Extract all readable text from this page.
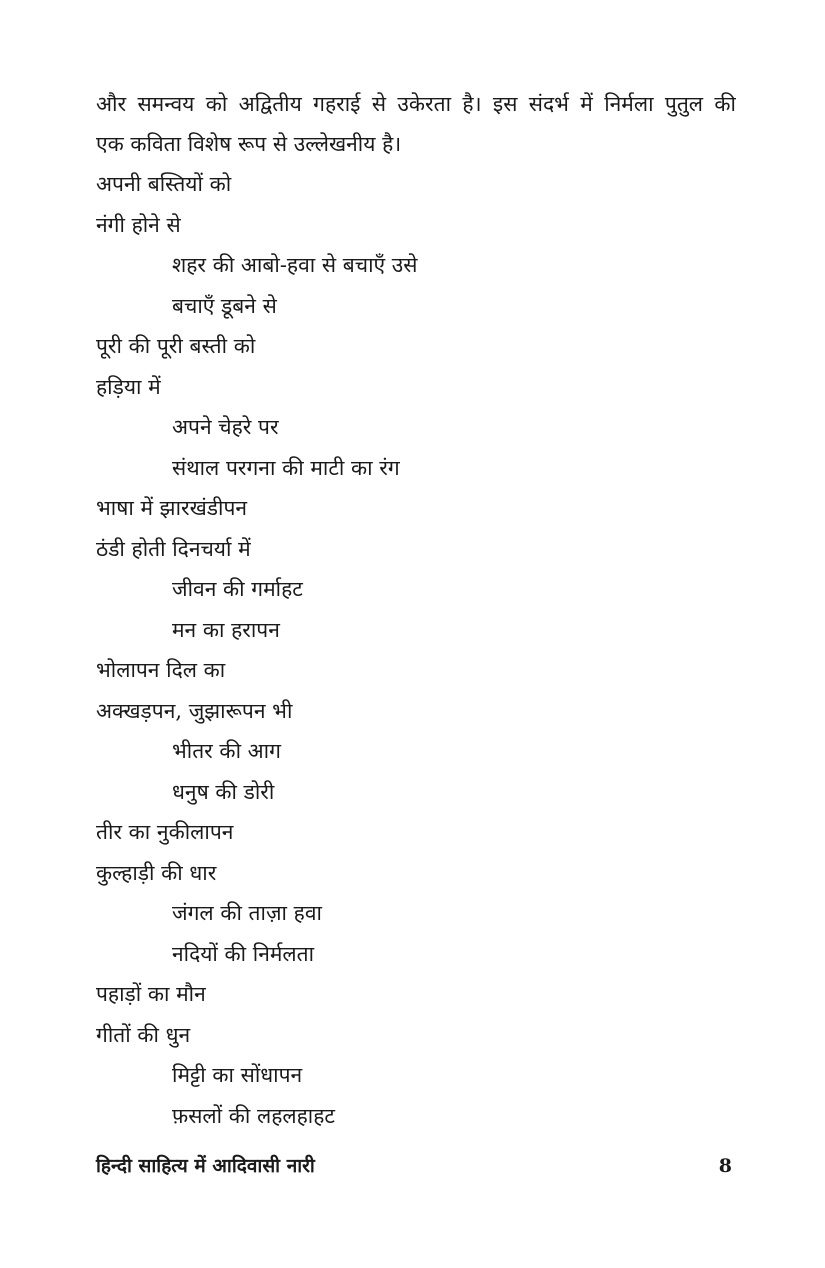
और समन्वय को अद्वितीय गहराई से उकेरता है। इस संदर्भ में निर्मला पुतुल की
एक कविता विशेष रूप से उल्लेखनीय है।
अपनी बस्तियों को
नंगी होने से
शहर की आबो-हवा से बचाएँ उसे
बचाएँ डूबने से
पूरी की पूरी बस्ती को
हड़िया में
अपने चेहरे पर
संथाल परगना की माटी का रंग
भाषा में झारखंडीपन
ठंडी होती दिनचर्या में
जीवन की गर्माहट
मन का हरापन
भोलापन दिल का
अक्खड़पन, जुझारूपन भी
भीतर की आग
धनुष की डोरी
तीर का नुकीलापन
कुल्हाड़ी की धार
जंगल की ताज़ा हवा
नदियों की निर्मलता
पहाड़ों का मौन
गीतों की धुन
मिट्टी का सोंधापन
फ़सलों की लहलहाहट
हिन्दी साहित्य में आदिवासी नारी	8
